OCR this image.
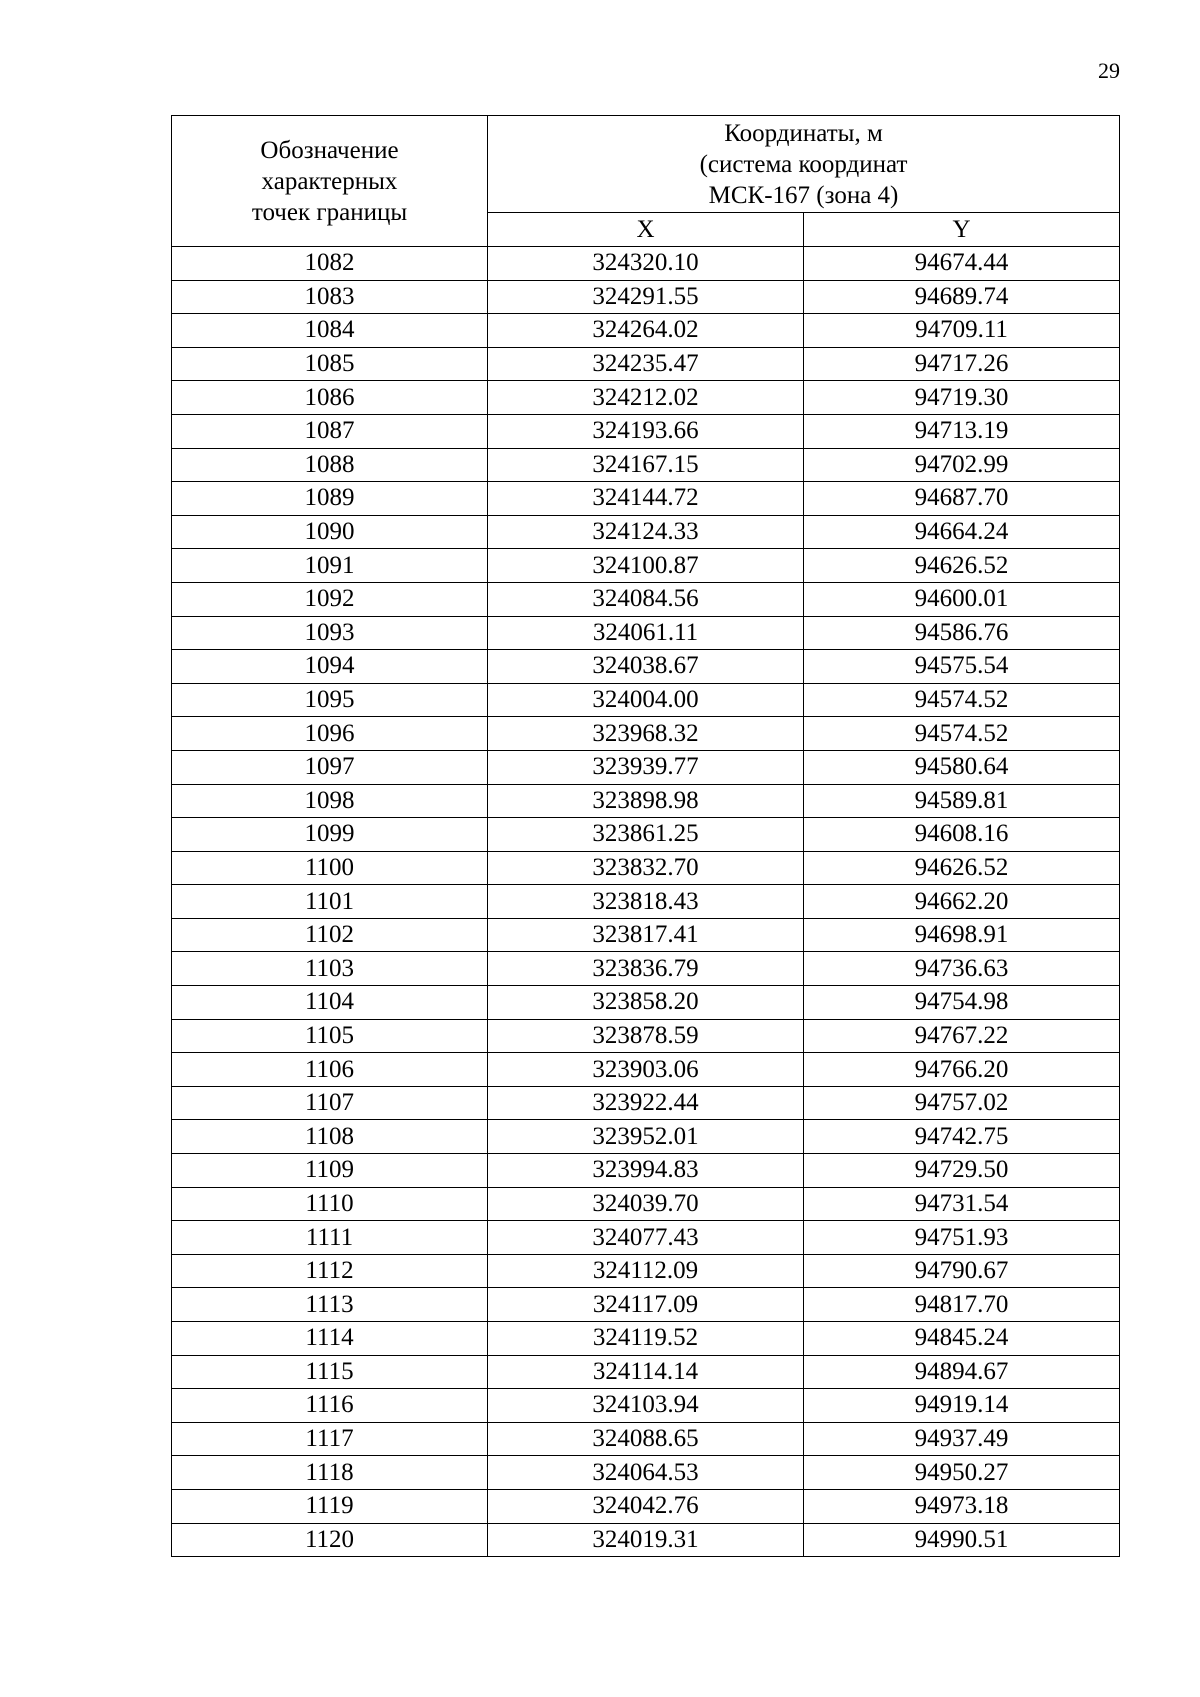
29
Обозначение
характерных
точек границы	Координаты, м
(система координат
МСК-167 (зона 4)	

	X	Y
1082	324320.10	94674.44
1083	324291.55	94689.74
1084	324264.02	94709.11
1085	324235.47	94717.26
1086	324212.02	94719.30
1087	324193.66	94713.19
1088	324167.15	94702.99
1089	324144.72	94687.70
1090	324124.33	94664.24
1091	324100.87	94626.52
1092	324084.56	94600.01
1093	324061.11	94586.76
1094	324038.67	94575.54
1095	324004.00	94574.52
1096	323968.32	94574.52
1097	323939.77	94580.64
1098	323898.98	94589.81
1099	323861.25	94608.16
1100	323832.70	94626.52
1101	323818.43	94662.20
1102	323817.41	94698.91
1103	323836.79	94736.63
1104	323858.20	94754.98
1105	323878.59	94767.22
1106	323903.06	94766.20
1107	323922.44	94757.02
1108	323952.01	94742.75
1109	323994.83	94729.50
1110	324039.70	94731.54
1111	324077.43	94751.93
1112	324112.09	94790.67
1113	324117.09	94817.70
1114	324119.52	94845.24
1115	324114.14	94894.67
1116	324103.94	94919.14
1117	324088.65	94937.49
1118	324064.53	94950.27
1119	324042.76	94973.18
1120	324019.31	94990.51
